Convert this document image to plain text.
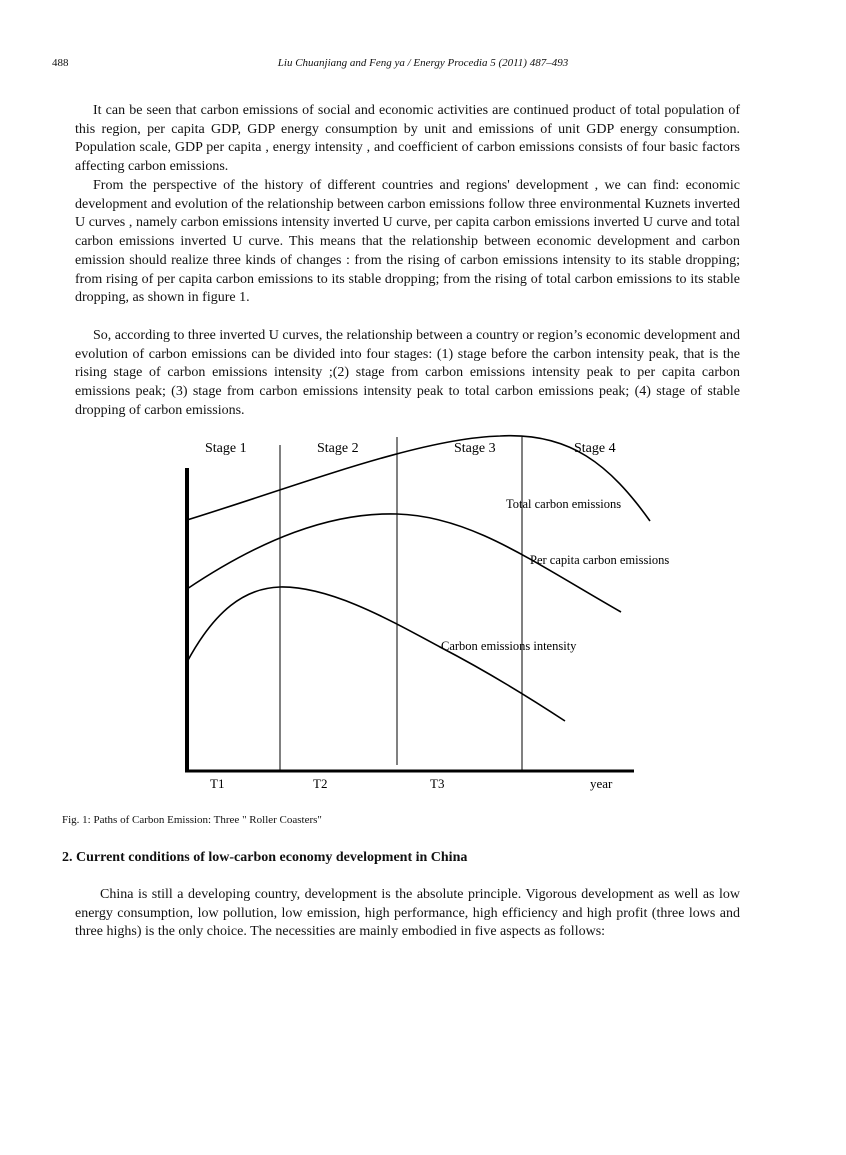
488	Liu Chuanjiang and Feng ya / Energy Procedia 5 (2011) 487–493

It can be seen that carbon emissions of social and economic activities are continued product of total population of this region, per capita GDP, GDP energy consumption by unit and emissions of unit GDP energy consumption. Population scale, GDP per capita , energy intensity , and coefficient of carbon emissions consists of four basic factors affecting carbon emissions.

From the perspective of the history of different countries and regions' development , we can find: economic development and evolution of the relationship between carbon emissions follow three environmental Kuznets inverted U curves , namely carbon emissions intensity inverted U curve, per capita carbon emissions inverted U curve and total carbon emissions inverted U curve. This means that the relationship between economic development and carbon emission should realize three kinds of changes : from the rising of carbon emissions intensity to its stable dropping; from rising of per capita carbon emissions to its stable dropping; from the rising of total carbon emissions to its stable dropping, as shown in figure 1.

So, according to three inverted U curves, the relationship between a country or region’s economic development and evolution of carbon emissions can be divided into four stages: (1) stage before the carbon intensity peak, that is the rising stage of carbon emissions intensity ;(2) stage from carbon emissions intensity peak to per capita carbon emissions peak; (3) stage from carbon emissions intensity peak to total carbon emissions peak; (4) stage of stable dropping of carbon emissions.

Stage 1	Stage 2	Stage 3	Stage 4
Total carbon emissions
Per capita carbon emissions
Carbon emissions intensity
T1	T2	T3	year
Fig. 1: Paths of Carbon Emission: Three " Roller Coasters"
2. Current conditions of low-carbon economy development in China

China is still a developing country, development is the absolute principle. Vigorous development as well as low energy consumption, low pollution, low emission, high performance, high efficiency and high profit (three lows and three highs) is the only choice. The necessities are mainly embodied in five aspects as follows:
